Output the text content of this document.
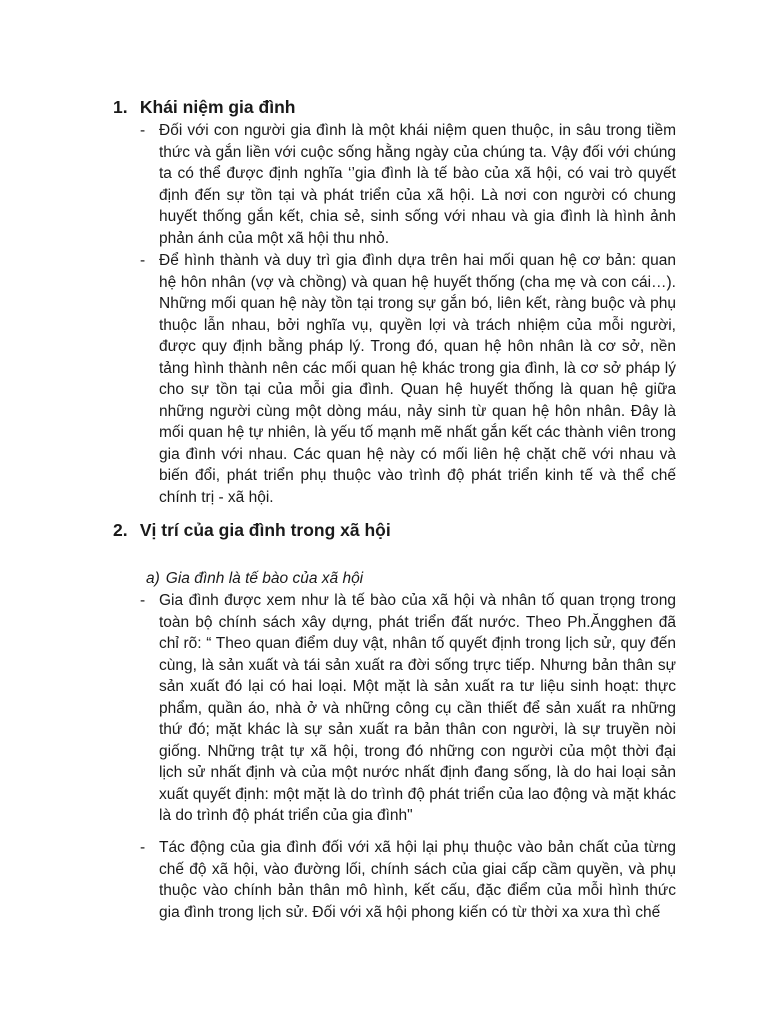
1. Khái niệm gia đình
- Đối với con người gia đình là một khái niệm quen thuộc, in sâu trong tiềm thức và gắn liền với cuộc sống hằng ngày của chúng ta. Vậy đối với chúng ta có thể được định nghĩa ‘’gia đình là tế bào của xã hội, có vai trò quyết định đến sự tồn tại và phát triển của xã hội. Là nơi con người có chung huyết thống gắn kết, chia sẻ, sinh sống với nhau và gia đình là hình ảnh phản ánh của một xã hội thu nhỏ.

- Để hình thành và duy trì gia đình dựa trên hai mối quan hệ cơ bản: quan hệ hôn nhân (vợ và chồng) và quan hệ huyết thống (cha mẹ và con cái…). Những mối quan hệ này tồn tại trong sự gắn bó, liên kết, ràng buộc và phụ thuộc lẫn nhau, bởi nghĩa vụ, quyền lợi và trách nhiệm của mỗi người, được quy định bằng pháp lý. Trong đó, quan hệ hôn nhân là cơ sở, nền tảng hình thành nên các mối quan hệ khác trong gia đình, là cơ sở pháp lý cho sự tồn tại của mỗi gia đình. Quan hệ huyết thống là quan hệ giữa những người cùng một dòng máu, nảy sinh từ quan hệ hôn nhân. Đây là mối quan hệ tự nhiên, là yếu tố mạnh mẽ nhất gắn kết các thành viên trong gia đình với nhau. Các quan hệ này có mối liên hệ chặt chẽ với nhau và biến đổi, phát triển phụ thuộc vào trình độ phát triển kinh tế và thể chế chính trị - xã hội.

2. Vị trí của gia đình trong xã hội

a) Gia đình là tế bào của xã hội

- Gia đình được xem như là tế bào của xã hội và nhân tố quan trọng trong toàn bộ chính sách xây dựng, phát triển đất nước. Theo Ph.Ăngghen đã chỉ rõ: “ Theo quan điểm duy vật, nhân tố quyết định trong lịch sử, quy đến cùng, là sản xuất và tái sản xuất ra đời sống trực tiếp. Nhưng bản thân sự sản xuất đó lại có hai loại. Một mặt là sản xuất ra tư liệu sinh hoạt: thực phẩm, quần áo, nhà ở và những công cụ cần thiết để sản xuất ra những thứ đó; mặt khác là sự sản xuất ra bản thân con người, là sự truyền nòi giống. Những trật tự xã hội, trong đó những con người của một thời đại lịch sử nhất định và của một nước nhất định đang sống, là do hai loại sản xuất quyết định: một mặt là do trình độ phát triển của lao động và mặt khác là do trình độ phát triển của gia đình"

- Tác động của gia đình đối với xã hội lại phụ thuộc vào bản chất của từng chế độ xã hội, vào đường lối, chính sách của giai cấp cầm quyền, và phụ thuộc vào chính bản thân mô hình, kết cấu, đặc điểm của mỗi hình thức gia đình trong lịch sử. Đối với xã hội phong kiến có từ thời xa xưa thì chế
